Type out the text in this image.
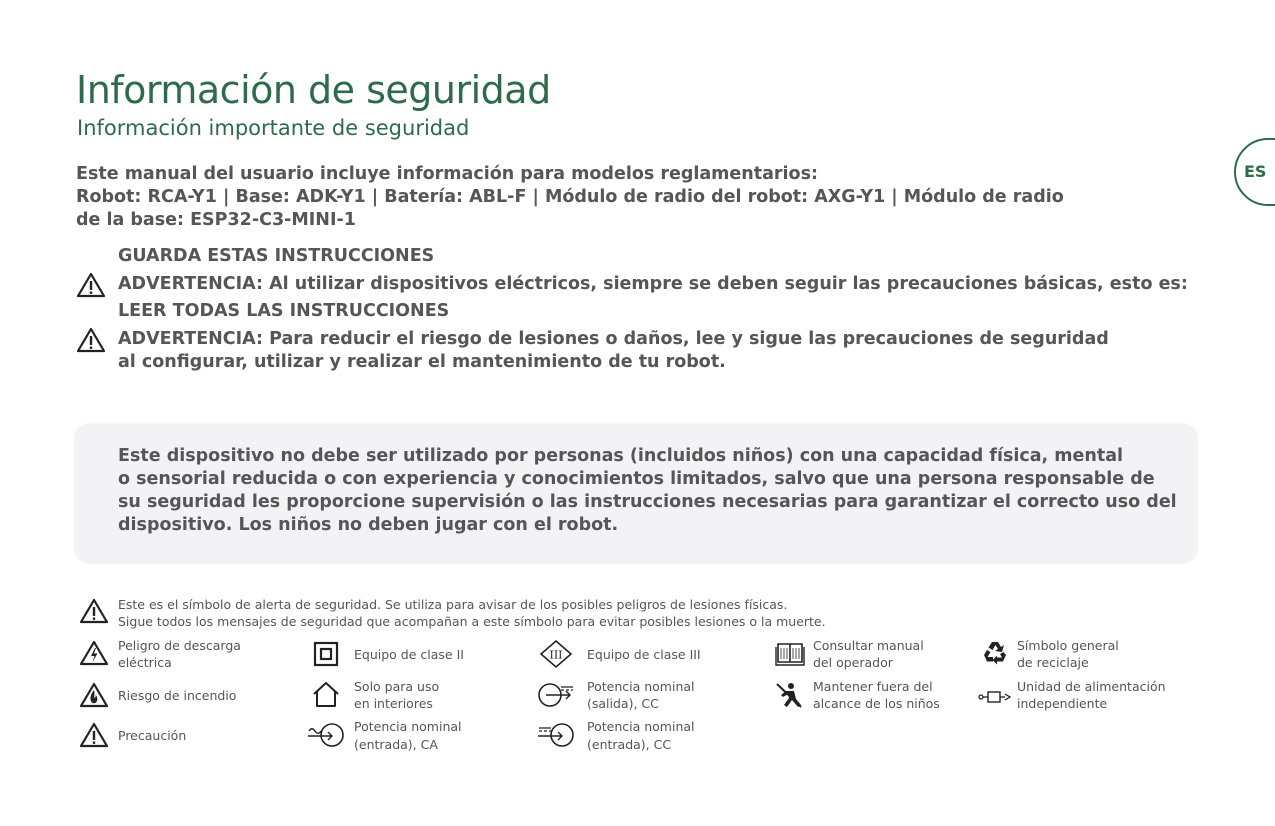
Información de seguridad
Información importante de seguridad
ES
Este manual del usuario incluye información para modelos reglamentarios:
Robot: RCA-Y1 | Base: ADK-Y1 | Batería: ABL-F | Módulo de radio del robot: AXG-Y1 | Módulo de radio
de la base: ESP32-C3-MINI-1
GUARDA ESTAS INSTRUCCIONES
ADVERTENCIA: Al utilizar dispositivos eléctricos, siempre se deben seguir las precauciones básicas, esto es:
LEER TODAS LAS INSTRUCCIONES
ADVERTENCIA: Para reducir el riesgo de lesiones o daños, lee y sigue las precauciones de seguridad
al configurar, utilizar y realizar el mantenimiento de tu robot.
Este dispositivo no debe ser utilizado por personas (incluidos niños) con una capacidad física, mental
o sensorial reducida o con experiencia y conocimientos limitados, salvo que una persona responsable de
su seguridad les proporcione supervisión o las instrucciones necesarias para garantizar el correcto uso del
dispositivo. Los niños no deben jugar con el robot.
Este es el símbolo de alerta de seguridad. Se utiliza para avisar de los posibles peligros de lesiones físicas.
Sigue todos los mensajes de seguridad que acompañan a este símbolo para evitar posibles lesiones o la muerte.
Peligro de descarga
eléctrica
Riesgo de incendio
Precaución
Equipo de clase II
Solo para uso
en interiores
Potencia nominal
(entrada), CA
III Equipo de clase III
Potencia nominal
(salida), CC
Potencia nominal
(entrada), CC
Consultar manual
del operador
Mantener fuera del
alcance de los niños
Símbolo general
de reciclaje
Unidad de alimentación
independiente
